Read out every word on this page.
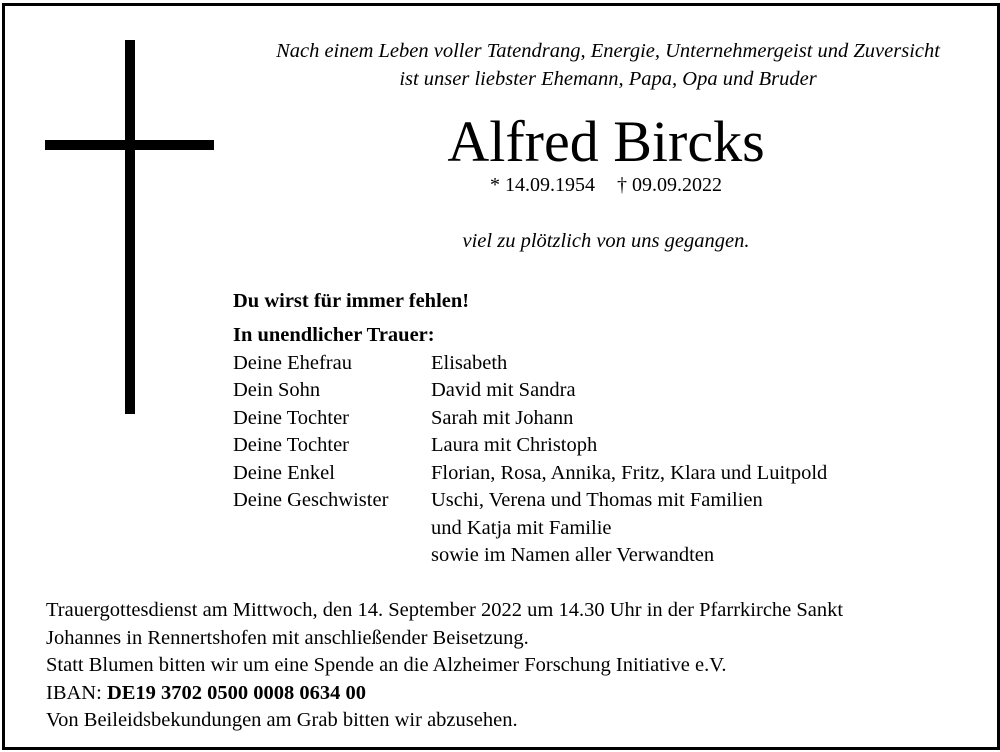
Nach einem Leben voller Tatendrang, Energie, Unternehmergeist und Zuversicht
ist unser liebster Ehemann, Papa, Opa und Bruder
Alfred Bircks
* 14.09.1954 † 09.09.2022
viel zu plötzlich von uns gegangen.
Du wirst für immer fehlen!
In unendlicher Trauer:
Deine Ehefrau	Elisabeth
Dein Sohn	David mit Sandra
Deine Tochter	Sarah mit Johann
Deine Tochter	Laura mit Christoph
Deine Enkel	Florian, Rosa, Annika, Fritz, Klara und Luitpold
Deine Geschwister	Uschi, Verena und Thomas mit Familien
und Katja mit Familie
sowie im Namen aller Verwandten
Trauergottesdienst am Mittwoch, den 14. September 2022 um 14.30 Uhr in der Pfarrkirche Sankt
Johannes in Rennertshofen mit anschließender Beisetzung.
Statt Blumen bitten wir um eine Spende an die Alzheimer Forschung Initiative e.V.
IBAN: DE19 3702 0500 0008 0634 00
Von Beileidsbekundungen am Grab bitten wir abzusehen.
